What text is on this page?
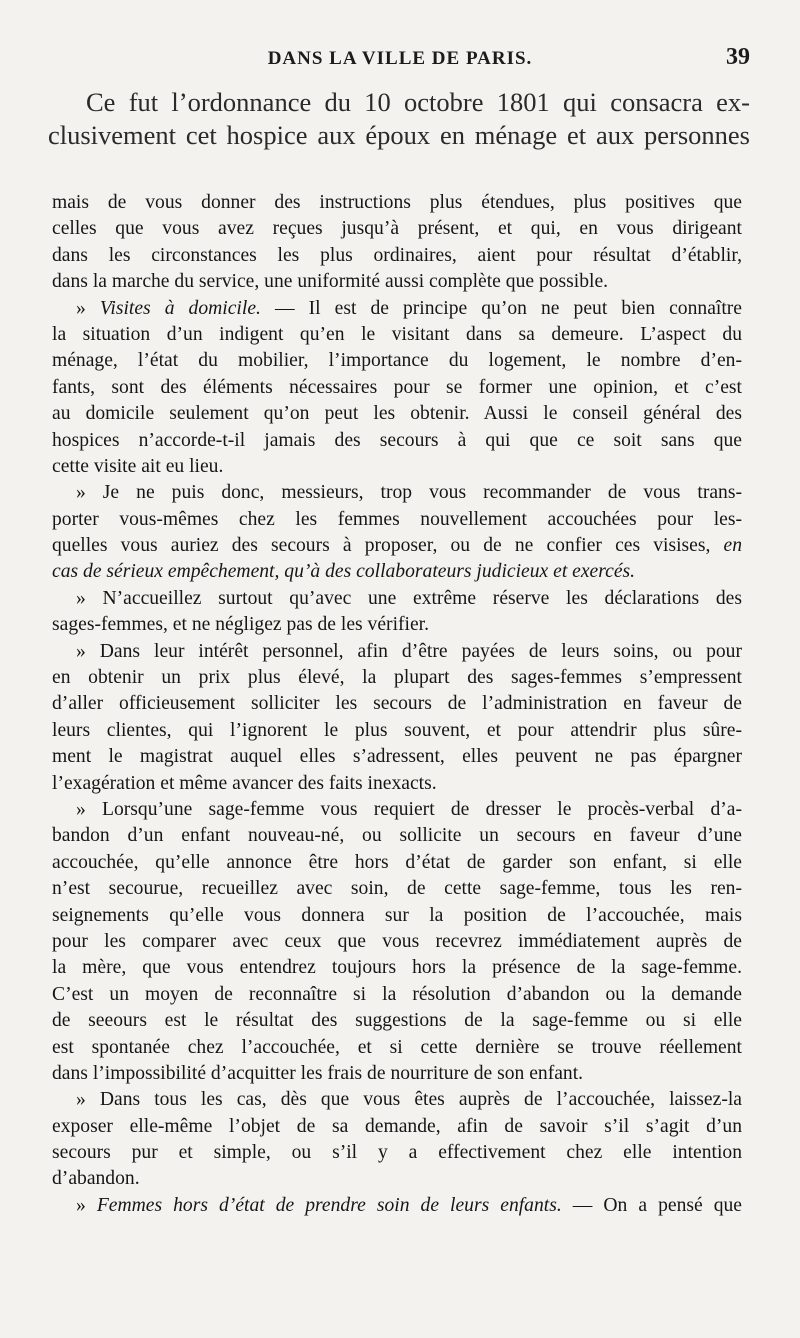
DANS LA VILLE DE PARIS.	39
Ce fut l’ordonnance du 10 octobre 1801 qui consacra ex-
clusivement cet hospice aux époux en ménage et aux personnes
mais de vous donner des instructions plus étendues, plus positives que
celles que vous avez reçues jusqu’à présent, et qui, en vous dirigeant
dans les circonstances les plus ordinaires, aient pour résultat d’établir,
dans la marche du service, une uniformité aussi complète que possible.
» Visites à domicile. — Il est de principe qu’on ne peut bien connaître
la situation d’un indigent qu’en le visitant dans sa demeure. L’aspect du
ménage, l’état du mobilier, l’importance du logement, le nombre d’en-
fants, sont des éléments nécessaires pour se former une opinion, et c’est
au domicile seulement qu’on peut les obtenir. Aussi le conseil général des
hospices n’accorde-t-il jamais des secours à qui que ce soit sans que
cette visite ait eu lieu.
» Je ne puis donc, messieurs, trop vous recommander de vous trans-
porter vous-mêmes chez les femmes nouvellement accouchées pour les-
quelles vous auriez des secours à proposer, ou de ne confier ces visises, en
cas de sérieux empêchement, qu’à des collaborateurs judicieux et exercés.
» N’accueillez surtout qu’avec une extrême réserve les déclarations des
sages-femmes, et ne négligez pas de les vérifier.
» Dans leur intérêt personnel, afin d’être payées de leurs soins, ou pour
en obtenir un prix plus élevé, la plupart des sages-femmes s’empressent
d’aller officieusement solliciter les secours de l’administration en faveur de
leurs clientes, qui l’ignorent le plus souvent, et pour attendrir plus sûre-
ment le magistrat auquel elles s’adressent, elles peuvent ne pas épargner
l’exagération et même avancer des faits inexacts.
» Lorsqu’une sage-femme vous requiert de dresser le procès-verbal d’a-
bandon d’un enfant nouveau-né, ou sollicite un secours en faveur d’une
accouchée, qu’elle annonce être hors d’état de garder son enfant, si elle
n’est secourue, recueillez avec soin, de cette sage-femme, tous les ren-
seignements qu’elle vous donnera sur la position de l’accouchée, mais
pour les comparer avec ceux que vous recevrez immédiatement auprès de
la mère, que vous entendrez toujours hors la présence de la sage-femme.
C’est un moyen de reconnaître si la résolution d’abandon ou la demande
de seeours est le résultat des suggestions de la sage-femme ou si elle
est spontanée chez l’accouchée, et si cette dernière se trouve réellement
dans l’impossibilité d’acquitter les frais de nourriture de son enfant.
» Dans tous les cas, dès que vous êtes auprès de l’accouchée, laissez-la
exposer elle-même l’objet de sa demande, afin de savoir s’il s’agit d’un
secours pur et simple, ou s’il y a effectivement chez elle intention
d’abandon.
» Femmes hors d’état de prendre soin de leurs enfants. — On a pensé que
